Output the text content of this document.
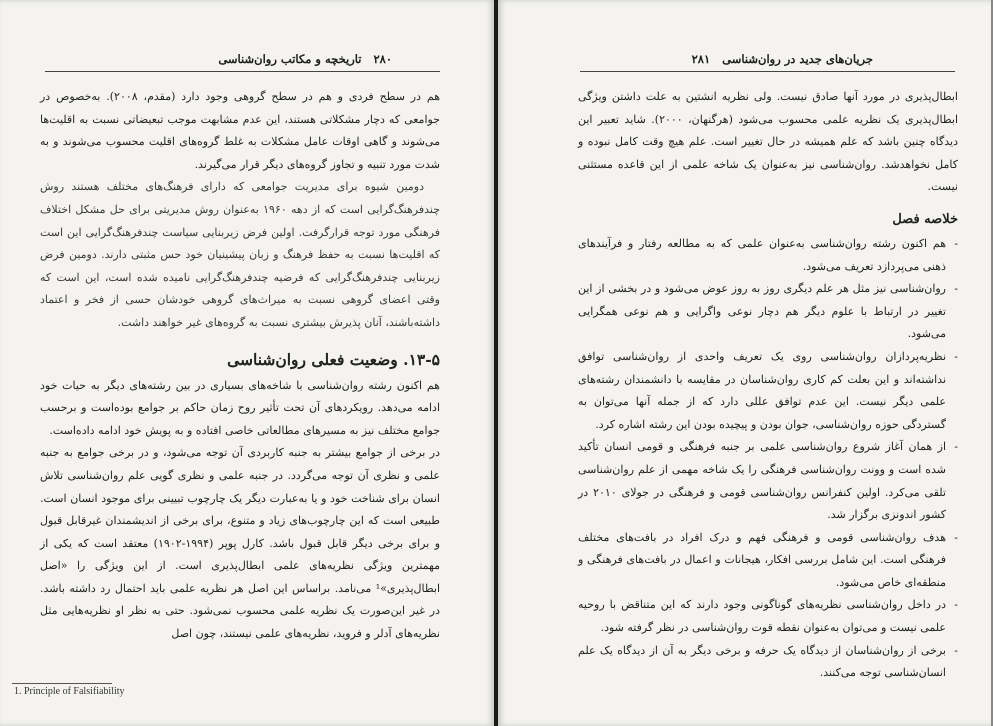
۲۸۰ تاریخچه و مکاتب روان‌شناسی

هم در سطح فردی و هم در سطح گروهی وجود دارد (مقدم، ۲۰۰۸). به‌خصوص در جوامعی که دچار مشکلاتی هستند، این عدم مشابهت موجب تبعیضاتی نسبت به اقلیت‌ها می‌شوند و گاهی اوقات عامل مشکلات به غلط گروه‌های اقلیت محسوب می‌شوند و به شدت مورد تنبیه و تجاوز گروه‌های دیگر قرار می‌گیرند.

دومین شیوه برای مدیریت جوامعی که دارای فرهنگ‌های مختلف هستند روش چندفرهنگ‌گرایی است که از دهه ۱۹۶۰ به‌عنوان روش مدیریتی برای حل مشکل اختلاف فرهنگی مورد توجه قرارگرفت. اولین فرض زیربنایی سیاست چندفرهنگ‌گرایی این است که اقلیت‌ها نسبت به حفظ فرهنگ و زبان پیشینیان خود حس مثبتی دارند. دومین فرض زیربنایی چندفرهنگ‌گرایی که فرضیه چندفرهنگ‌گرایی نامیده شده است، این است که وقتی اعضای گروهی نسبت به میراث‌های گروهی خودشان حسی از فخر و اعتماد داشته‌باشند، آنان پذیرش بیشتری نسبت به گروه‌های غیر خواهند داشت.

۱۳-۵. وضعیت فعلی روان‌شناسی

هم اکنون رشته روان‌شناسی با شاخه‌های بسیاری در بین رشته‌های دیگر به حیات خود ادامه می‌دهد. رویکردهای آن تحت تأثیر روح زمان حاکم بر جوامع بوده‌است و برحسب جوامع مختلف نیز به مسیرهای مطالعاتی خاصی افتاده و به پویش خود ادامه داده‌است.

در برخی از جوامع بیشتر به جنبه کاربردی آن توجه می‌شود، و در برخی جوامع به جنبه علمی و نظری آن توجه می‌گردد. در جنبه علمی و نظری گویی علم روان‌شناسی تلاش انسان برای شناخت خود و یا به‌عبارت دیگر یک چارچوب تبیینی برای موجود انسان است. طبیعی است که این چارچوب‌های زیاد و متنوع، برای برخی از اندیشمندان غیرقابل قبول و برای برخی دیگر قابل قبول باشد. کارل پوپر (۱۹۹۴-۱۹۰۲) معتقد است که یکی از مهمترین ویژگی نظریه‌های علمی ابطال‌پذیری است. از این ویژگی را «اصل ابطال‌پذیری»¹ می‌نامد. براساس این اصل هر نظریه علمی باید احتمال رد داشته باشد. در غیر این‌صورت یک نظریه علمی محسوب نمی‌شود. حتی به نظر او نظریه‌هایی مثل نظریه‌های آدلر و فروید، نظریه‌های علمی نیستند، چون اصل

1. Principle of Falsifiability
جریان‌های جدید در روان‌شناسی ۲۸۱

ابطال‌پذیری در مورد آنها صادق نیست. ولی نظریه انشتین به علت داشتن ویژگی ابطال‌پذیری یک نظریه علمی محسوب می‌شود (هرگنهان، ۲۰۰۰). شاید تعبیر این دیدگاه چنین باشد که علم همیشه در حال تغییر است. علم هیچ وقت کامل نبوده و کامل نخواهدشد. روان‌شناسی نیز به‌عنوان یک شاخه علمی از این قاعده مستثنی نیست.

خلاصه فصل
-
هم اکنون رشته روان‌شناسی به‌عنوان علمی که به مطالعه رفتار و فرآیندهای ذهنی می‌پردازد تعریف می‌شود.
-
روان‌شناسی نیز مثل هر علم دیگری روز به روز عوض می‌شود و در بخشی از این تغییر در ارتباط با علوم دیگر هم دچار نوعی واگرایی و هم نوعی همگرایی می‌شود.
-
نظریه‌پردازان روان‌شناسی روی یک تعریف واحدی از روان‌شناسی توافق نداشته‌اند و این بعلت کم کاری روان‌شناسان در مقایسه با دانشمندان رشته‌های علمی دیگر نیست. این عدم توافق عللی دارد که از جمله آنها می‌توان به گستردگی حوزه روان‌شناسی، جوان بودن و پیچیده بودن این رشته اشاره کرد.
-
از همان آغاز شروع روان‌شناسی علمی بر جنبه فرهنگی و قومی انسان تأکید شده است و وونت روان‌شناسی فرهنگی را یک شاخه مهمی از علم روان‌شناسی تلقی می‌کرد. اولین کنفرانس روان‌شناسی قومی و فرهنگی در جولای ۲۰۱۰ در کشور اندونزی برگزار شد.
-
هدف روان‌شناسی قومی و فرهنگی فهم و درک افراد در بافت‌های مختلف فرهنگی است. این شامل بررسی افکار، هیجانات و اعمال در بافت‌های فرهنگی و منطقه‌ای خاص می‌شود.
-
در داخل روان‌شناسی نظریه‌های گوناگونی وجود دارند که این متناقض با روحیه علمی نیست و می‌توان به‌عنوان نقطه قوت روان‌شناسی در نظر گرفته شود.
-
برخی از روان‌شناسان از دیدگاه یک حرفه و برخی دیگر به آن از دیدگاه یک علم انسان‌شناسی توجه می‌کنند.
